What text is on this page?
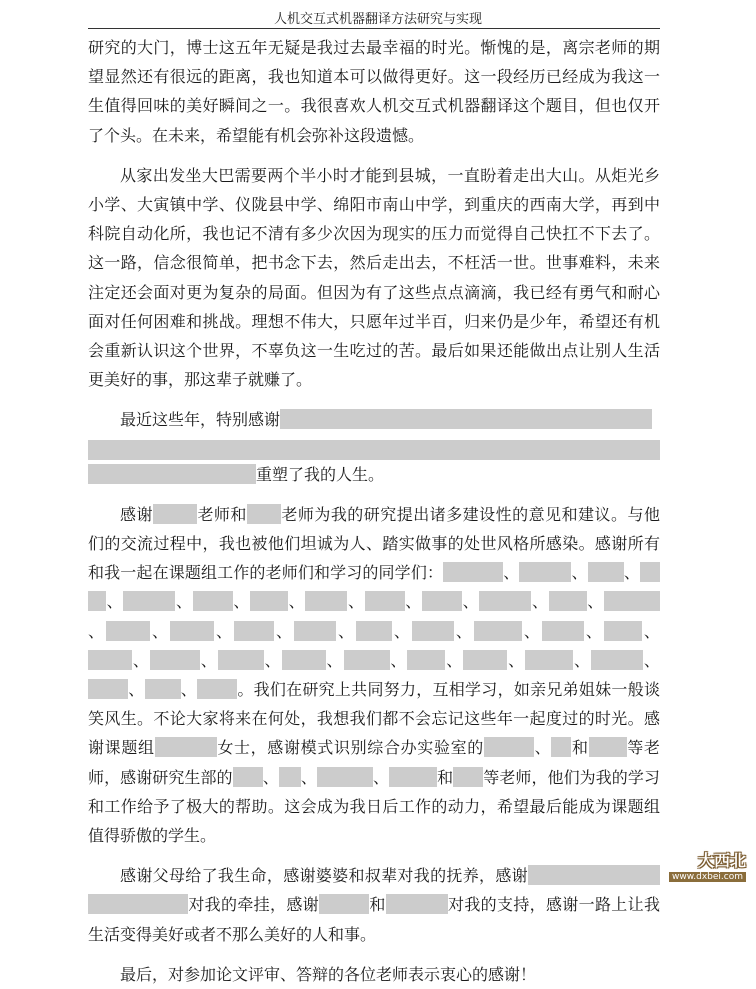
人机交互式机器翻译方法研究与实现

研究的大门，博士这五年无疑是我过去最幸福的时光。惭愧的是，离宗老师的期望显然还有很远的距离，我也知道本可以做得更好。这一段经历已经成为我这一生值得回味的美好瞬间之一。我很喜欢人机交互式机器翻译这个题目，但也仅开了个头。在未来，希望能有机会弥补这段遗憾。

从家出发坐大巴需要两个半小时才能到县城，一直盼着走出大山。从炬光乡小学、大寅镇中学、仪陇县中学、绵阳市南山中学，到重庆的西南大学，再到中科院自动化所，我也记不清有多少次因为现实的压力而觉得自己快扛不下去了。这一路，信念很简单，把书念下去，然后走出去，不枉活一世。世事难料，未来注定还会面对更为复杂的局面。但因为有了这些点点滴滴，我已经有勇气和耐心面对任何困难和挑战。理想不伟大，只愿年过半百，归来仍是少年，希望还有机会重新认识这个世界，不辜负这一生吃过的苦。最后如果还能做出点让别人生活更美好的事，那这辈子就赚了。

最近这些年，特别感谢
重塑了我的人生。

感谢	老师和 老师为我的研究提出诸多建设性的意见和建议。与他们的交流过程中，我也被他们坦诚为人、踏实做事的处世风格所感染。感谢所有和我一起在课题组工作的老师们和学习的同学们：	、	、 、、	、	、 、	、	、	、	、 、、	、	、	、	、 、	、	、	、 、、	、	、	、	、 、	、	、	、、 、	。我们在研究上共同努力，互相学习，如亲兄弟姐妹一般谈笑风生。不论大家将来在何处，我想我们都不会忘记这些年一起度过的时光。感谢课题组	女士，感谢模式识别综合办实验室的	、 和 等老师，感谢研究生部的 、 、	、	和 等老师，他们为我的学习和工作给予了极大的帮助。这会成为我日后工作的动力，希望最后能成为课题组值得骄傲的学生。

感谢父母给了我生命，感谢婆婆和叔辈对我的抚养，感谢对我的牵挂，感谢	和	对我的支持，感谢一路上让我生活变得美好或者不那么美好的人和事。

最后，对参加论文评审、答辩的各位老师表示衷心的感谢！

大西北
www.dxbei.com
